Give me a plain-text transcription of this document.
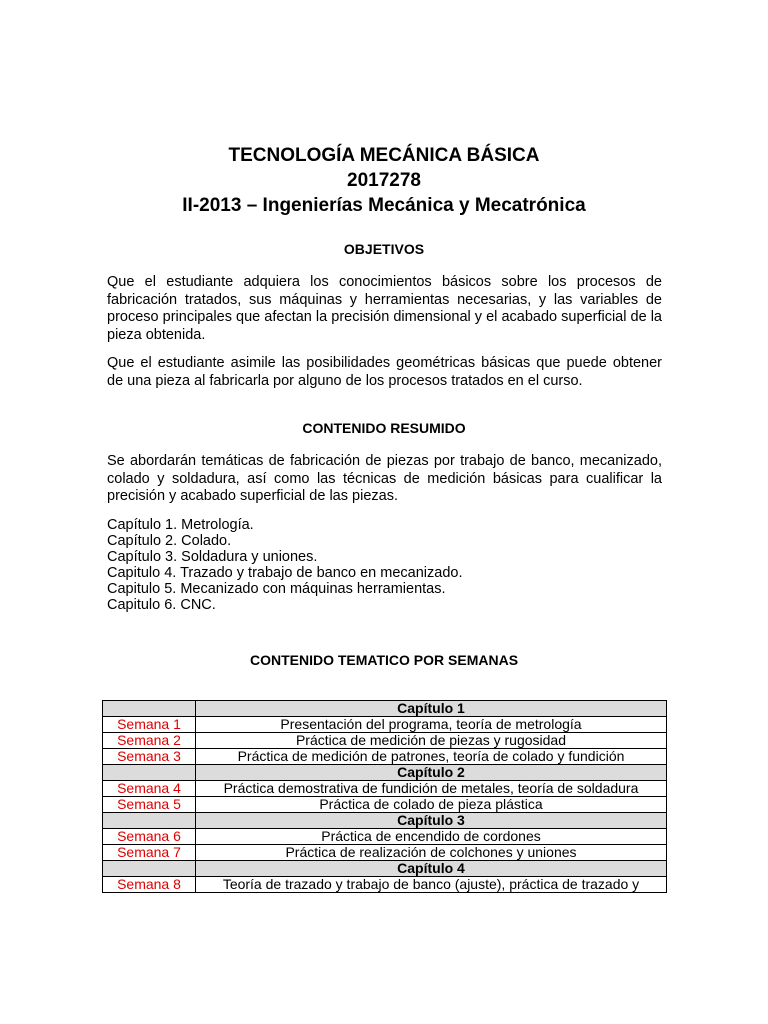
TECNOLOGÍA MECÁNICA BÁSICA
2017278
II-2013 – Ingenierías Mecánica y Mecatrónica
OBJETIVOS

Que el estudiante adquiera los conocimientos básicos sobre los procesos de fabricación tratados, sus máquinas y herramientas necesarias, y las variables de proceso principales que afectan la precisión dimensional y el acabado superficial de la pieza obtenida.

Que el estudiante asimile las posibilidades geométricas básicas que puede obtener de una pieza al fabricarla por alguno de los procesos tratados en el curso.

CONTENIDO RESUMIDO

Se abordarán temáticas de fabricación de piezas por trabajo de banco, mecanizado, colado y soldadura, así como las técnicas de medición básicas para cualificar la precisión y acabado superficial de las piezas.

Capítulo 1. Metrología.
Capítulo 2. Colado.
Capítulo 3. Soldadura y uniones.
Capitulo 4. Trazado y trabajo de banco en mecanizado.
Capitulo 5. Mecanizado con máquinas herramientas.
Capitulo 6. CNC.
CONTENIDO TEMATICO POR SEMANAS
	Capítulo 1
Semana 1	Presentación del programa, teoría de metrología
Semana 2	Práctica de medición de piezas y rugosidad
Semana 3	Práctica de medición de patrones, teoría de colado y fundición
	Capítulo 2
Semana 4	Práctica demostrativa de fundición de metales, teoría de soldadura
Semana 5	Práctica de colado de pieza plástica
	Capítulo 3
Semana 6	Práctica de encendido de cordones
Semana 7	Práctica de realización de colchones y uniones
	Capítulo 4
Semana 8	Teoría de trazado y trabajo de banco (ajuste), práctica de trazado y
